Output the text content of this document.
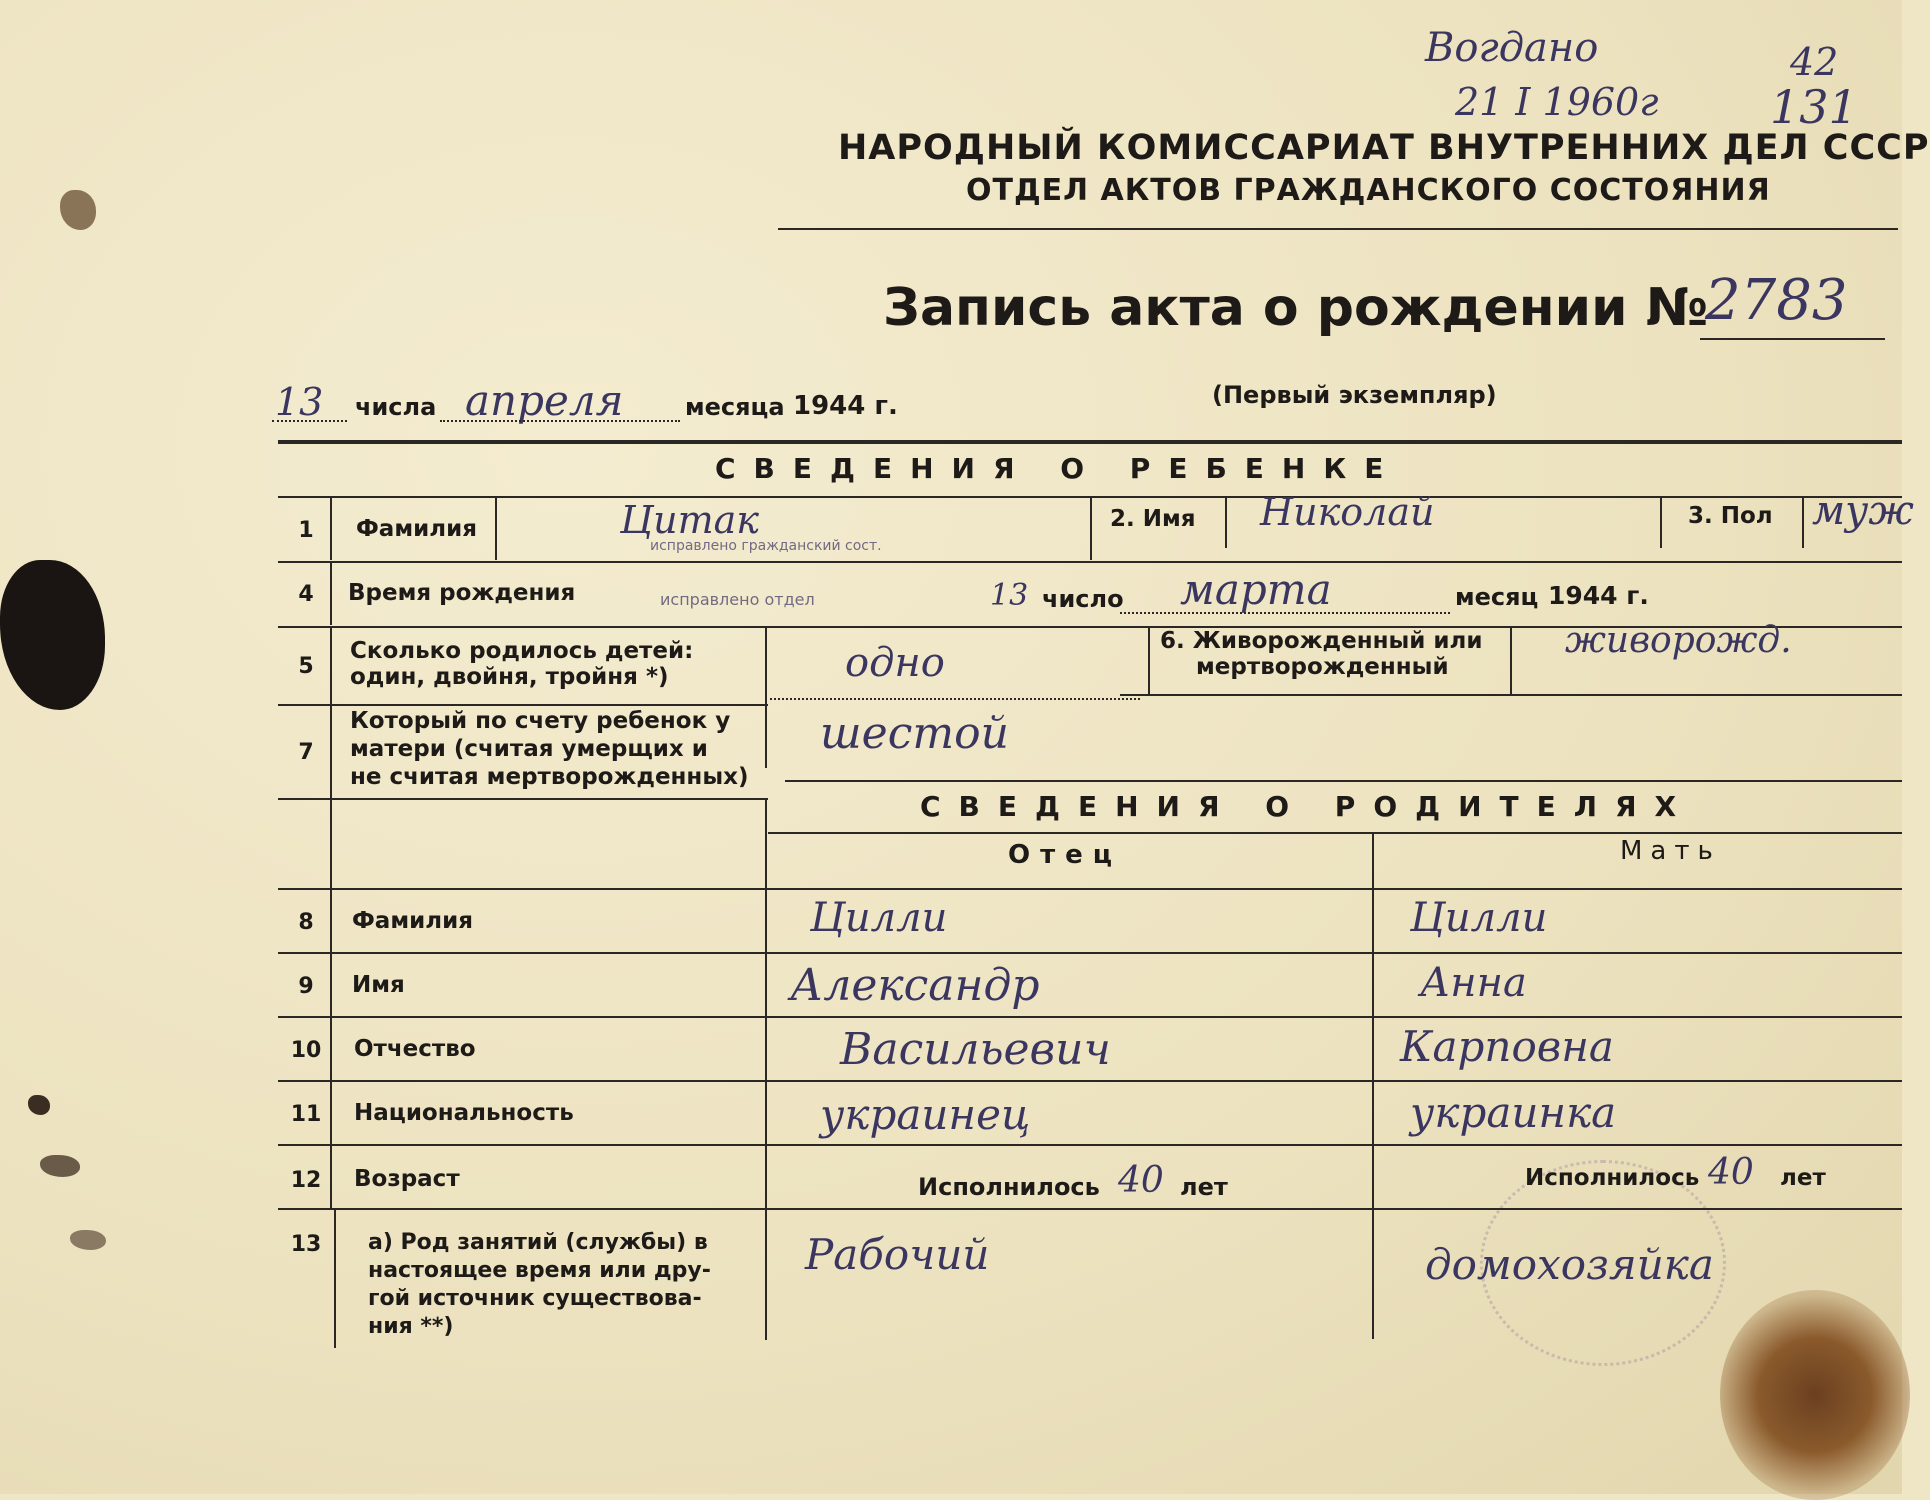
Bогдано
21 I 1960г
42
131
НАРОДНЫЙ КОМИССАРИАТ ВНУТРЕННИХ ДЕЛ СССР
ОТДЕЛ АКТОВ ГРАЖДАНСКОГО СОСТОЯНИЯ
Запись акта о рождении №
2783
13 числа апреля	месяца 1944 г.	(Первый экземпляр)
СВЕДЕНИЯ О РЕБЕНКЕ
1	Фамилия	Цитак
исправлено гражданский сост.
2. Имя Николай	3. Пол муж
4	Время рождения	исправлено отдел	13 число марта	месяц 1944 г.
5
Сколько родилось детей:
один, двойня, тройня *)	одно	6. Живорожденный или
мертворожденный
живорожд.
7
Который по счету ребенок у
матери (считая умерщих и
не считая мертворожденных)
шестой
СВЕДЕНИЯ О РОДИТЕЛЯХ
Отец	Мать
8	Фамилия	Цилли	Цилли
9	Имя	Александр	Анна
10 Отчество	Васильевич	Карповна
11 Национальность	украинец	украинка
12 Возраст	Исполнилось 40 лет	Исполнилось 40 лет
13 а) Род занятий (службы) в
настоящее время или дру-
гой источник существова-
ния **)
Рабочий	домохозяйка
